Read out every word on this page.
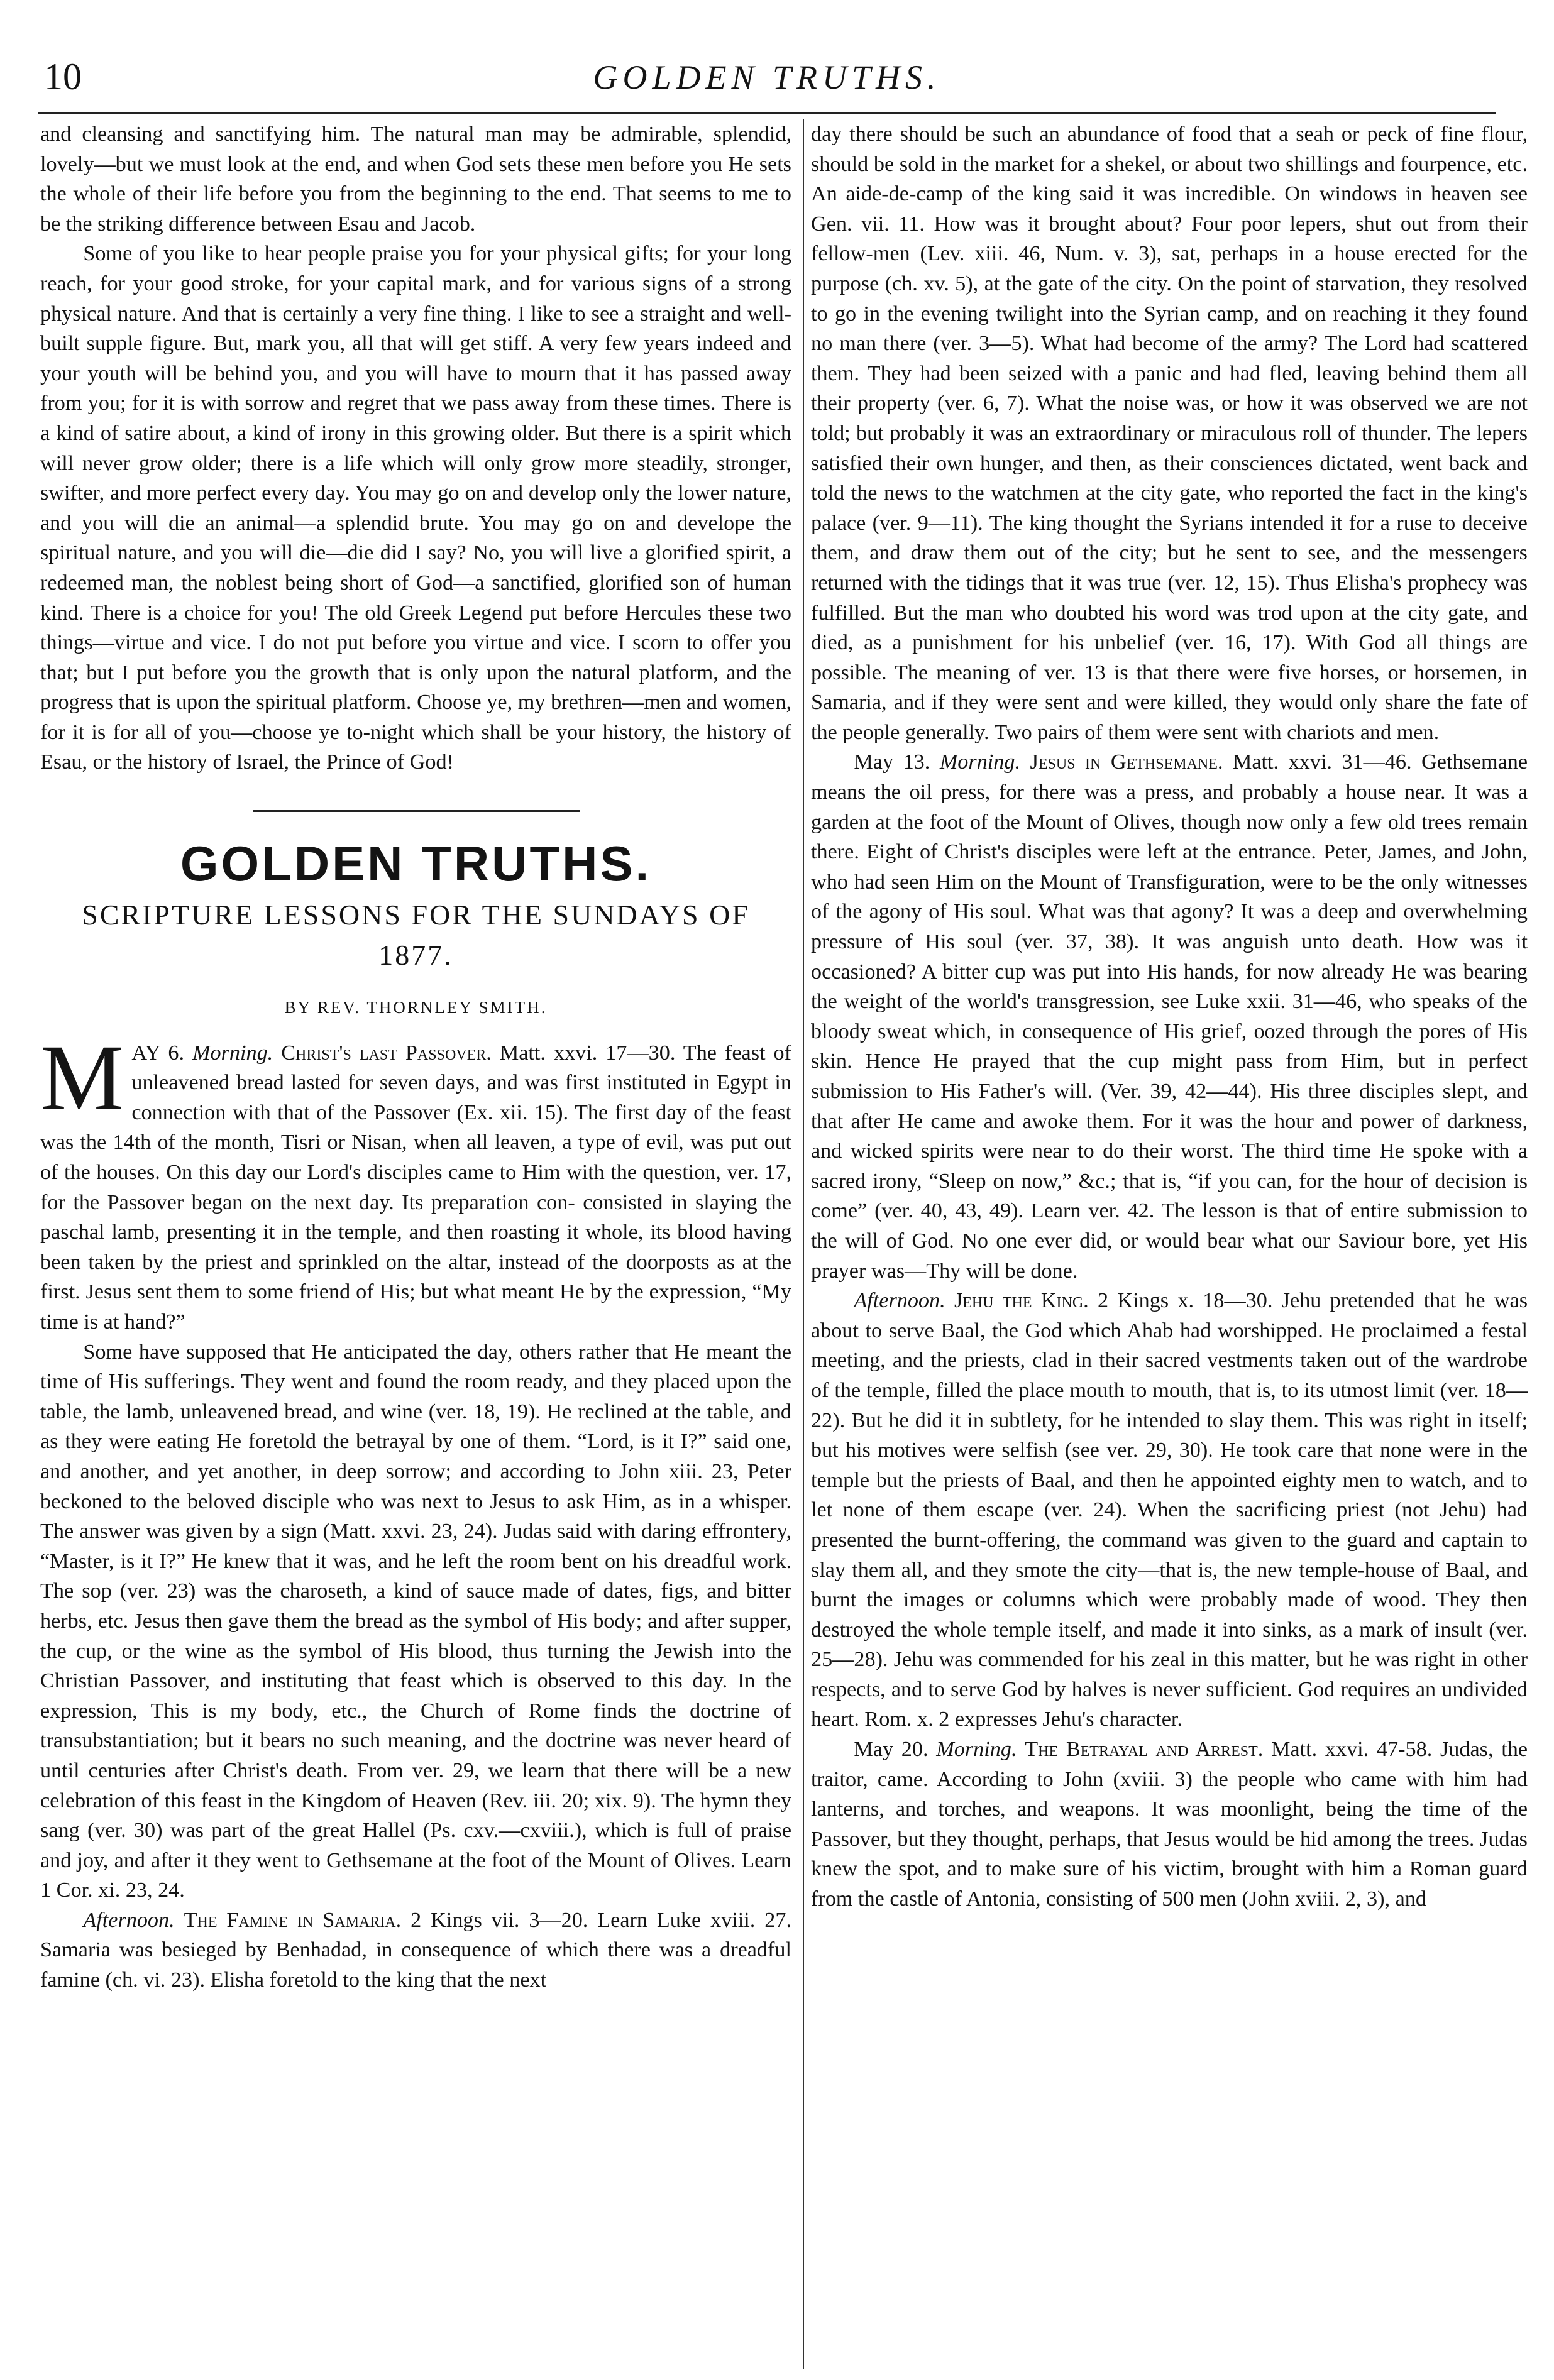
10	GOLDEN TRUTHS.

and cleansing and sanctifying him. The natural man may be admirable, splendid, lovely—but we must look at the end, and when God sets these men before you He sets the whole of their life before you from the beginning to the end. That seems to me to be the striking difference between Esau and Jacob.

Some of you like to hear people praise you for your physical gifts; for your long reach, for your good stroke, for your capital mark, and for various signs of a strong physical nature. And that is certainly a very fine thing. I like to see a straight and well-built supple figure. But, mark you, all that will get stiff. A very few years indeed and your youth will be behind you, and you will have to mourn that it has passed away from you; for it is with sorrow and regret that we pass away from these times. There is a kind of satire about, a kind of irony in this growing older. But there is a spirit which will never grow older; there is a life which will only grow more steadily, stronger, swifter, and more perfect every day. You may go on and develop only the lower nature, and you will die an animal—a splendid brute. You may go on and develope the spiritual nature, and you will die—die did I say? No, you will live a glorified spirit, a redeemed man, the noblest being short of God—a sanctified, glorified son of human kind. There is a choice for you! The old Greek Legend put before Hercules these two things—virtue and vice. I do not put before you virtue and vice. I scorn to offer you that; but I put before you the growth that is only upon the natural platform, and the progress that is upon the spiritual platform. Choose ye, my brethren—men and women, for it is for all of you—choose ye to-night which shall be your history, the history of Esau, or the history of Israel, the Prince of God!

GOLDEN TRUTHS.
SCRIPTURE LESSONS FOR THE SUNDAYS OF 1877.
BY REV. THORNLEY SMITH.

MAY 6. Morning. Christ's last Passover. Matt. xxvi. 17—30. The feast of unleavened bread lasted for seven days, and was first instituted in Egypt in connection with that of the Passover (Ex. xii. 15). The first day of the feast was the 14th of the month, Tisri or Nisan, when all leaven, a type of evil, was put out of the houses. On this day our Lord's disciples came to Him with the question, ver. 17, for the Passover began on the next day. Its preparation con- consisted in slaying the paschal lamb, presenting it in the temple, and then roasting it whole, its blood having been taken by the priest and sprinkled on the altar, instead of the doorposts as at the first. Jesus sent them to some friend of His; but what meant He by the expression, “My time is at hand?”

Some have supposed that He anticipated the day, others rather that He meant the time of His sufferings. They went and found the room ready, and they placed upon the table, the lamb, unleavened bread, and wine (ver. 18, 19). He reclined at the table, and as they were eating He foretold the betrayal by one of them. “Lord, is it I?” said one, and another, and yet another, in deep sorrow; and according to John xiii. 23, Peter beckoned to the beloved disciple who was next to Jesus to ask Him, as in a whisper. The answer was given by a sign (Matt. xxvi. 23, 24). Judas said with daring effrontery, “Master, is it I?” He knew that it was, and he left the room bent on his dreadful work. The sop (ver. 23) was the charoseth, a kind of sauce made of dates, figs, and bitter herbs, etc. Jesus then gave them the bread as the symbol of His body; and after supper, the cup, or the wine as the symbol of His blood, thus turning the Jewish into the Christian Passover, and instituting that feast which is observed to this day. In the expression, This is my body, etc., the Church of Rome finds the doctrine of transubstantiation; but it bears no such meaning, and the doctrine was never heard of until centuries after Christ's death. From ver. 29, we learn that there will be a new celebration of this feast in the Kingdom of Heaven (Rev. iii. 20; xix. 9). The hymn they sang (ver. 30) was part of the great Hallel (Ps. cxv.—cxviii.), which is full of praise and joy, and after it they went to Gethsemane at the foot of the Mount of Olives. Learn 1 Cor. xi. 23, 24.

Afternoon. The Famine in Samaria. 2 Kings vii. 3—20. Learn Luke xviii. 27. Samaria was besieged by Benhadad, in consequence of which there was a dreadful famine (ch. vi. 23). Elisha foretold to the king that the next

day there should be such an abundance of food that a seah or peck of fine flour, should be sold in the market for a shekel, or about two shillings and fourpence, etc. An aide-de-camp of the king said it was incredible. On windows in heaven see Gen. vii. 11. How was it brought about? Four poor lepers, shut out from their fellow-men (Lev. xiii. 46, Num. v. 3), sat, perhaps in a house erected for the purpose (ch. xv. 5), at the gate of the city. On the point of starvation, they resolved to go in the evening twilight into the Syrian camp, and on reaching it they found no man there (ver. 3—5). What had become of the army? The Lord had scattered them. They had been seized with a panic and had fled, leaving behind them all their property (ver. 6, 7). What the noise was, or how it was observed we are not told; but probably it was an extraordinary or miraculous roll of thunder. The lepers satisfied their own hunger, and then, as their consciences dictated, went back and told the news to the watchmen at the city gate, who reported the fact in the king's palace (ver. 9—11). The king thought the Syrians intended it for a ruse to deceive them, and draw them out of the city; but he sent to see, and the messengers returned with the tidings that it was true (ver. 12, 15). Thus Elisha's prophecy was fulfilled. But the man who doubted his word was trod upon at the city gate, and died, as a punishment for his unbelief (ver. 16, 17). With God all things are possible. The meaning of ver. 13 is that there were five horses, or horsemen, in Samaria, and if they were sent and were killed, they would only share the fate of the people generally. Two pairs of them were sent with chariots and men.

May 13. Morning. Jesus in Gethsemane. Matt. xxvi. 31—46. Gethsemane means the oil press, for there was a press, and probably a house near. It was a garden at the foot of the Mount of Olives, though now only a few old trees remain there. Eight of Christ's disciples were left at the entrance. Peter, James, and John, who had seen Him on the Mount of Transfiguration, were to be the only witnesses of the agony of His soul. What was that agony? It was a deep and overwhelming pressure of His soul (ver. 37, 38). It was anguish unto death. How was it occasioned? A bitter cup was put into His hands, for now already He was bearing the weight of the world's transgression, see Luke xxii. 31—46, who speaks of the bloody sweat which, in consequence of His grief, oozed through the pores of His skin. Hence He prayed that the cup might pass from Him, but in perfect submission to His Father's will. (Ver. 39, 42—44). His three disciples slept, and that after He came and awoke them. For it was the hour and power of darkness, and wicked spirits were near to do their worst. The third time He spoke with a sacred irony, “Sleep on now,” &c.; that is, “if you can, for the hour of decision is come” (ver. 40, 43, 49). Learn ver. 42. The lesson is that of entire submission to the will of God. No one ever did, or would bear what our Saviour bore, yet His prayer was—Thy will be done.

Afternoon. Jehu the King. 2 Kings x. 18—30. Jehu pretended that he was about to serve Baal, the God which Ahab had worshipped. He proclaimed a festal meeting, and the priests, clad in their sacred vestments taken out of the wardrobe of the temple, filled the place mouth to mouth, that is, to its utmost limit (ver. 18—22). But he did it in subtlety, for he intended to slay them. This was right in itself; but his motives were selfish (see ver. 29, 30). He took care that none were in the temple but the priests of Baal, and then he appointed eighty men to watch, and to let none of them escape (ver. 24). When the sacrificing priest (not Jehu) had presented the burnt-offering, the command was given to the guard and captain to slay them all, and they smote the city—that is, the new temple-house of Baal, and burnt the images or columns which were probably made of wood. They then destroyed the whole temple itself, and made it into sinks, as a mark of insult (ver. 25—28). Jehu was commended for his zeal in this matter, but he was right in other respects, and to serve God by halves is never sufficient. God requires an undivided heart. Rom. x. 2 expresses Jehu's character.

May 20. Morning. The Betrayal and Arrest. Matt. xxvi. 47-58. Judas, the traitor, came. According to John (xviii. 3) the people who came with him had lanterns, and torches, and weapons. It was moonlight, being the time of the Passover, but they thought, perhaps, that Jesus would be hid among the trees. Judas knew the spot, and to make sure of his victim, brought with him a Roman guard from the castle of Antonia, consisting of 500 men (John xviii. 2, 3), and
